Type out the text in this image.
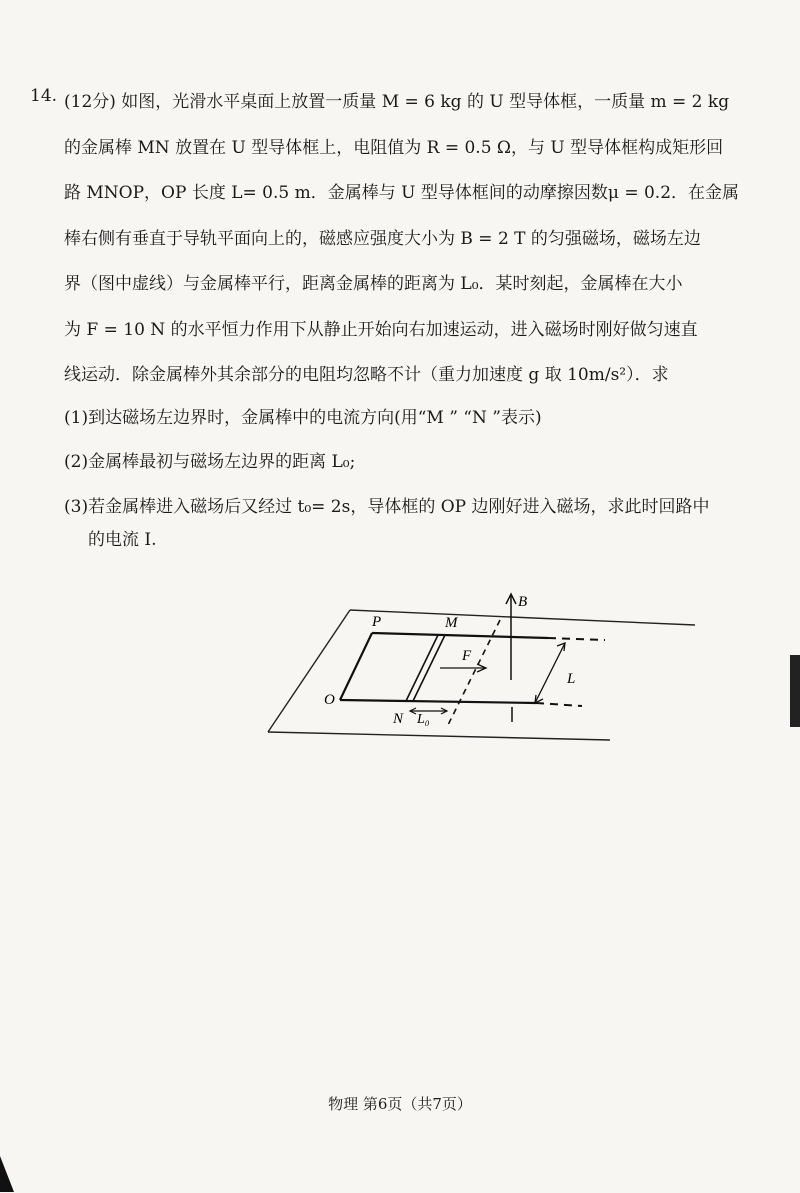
14. (12分) 如图，光滑水平桌面上放置一质量 M = 6 kg 的 U 型导体框，一质量 m = 2 kg
的金属棒 MN 放置在 U 型导体框上，电阻值为 R = 0.5 Ω，与 U 型导体框构成矩形回
路 MNOP，OP 长度 L= 0.5 m．金属棒与 U 型导体框间的动摩擦因数μ = 0.2．在金属
棒右侧有垂直于导轨平面向上的，磁感应强度大小为 B = 2 T 的匀强磁场，磁场左边
界（图中虚线）与金属棒平行，距离金属棒的距离为 L₀．某时刻起，金属棒在大小
为 F = 10 N 的水平恒力作用下从静止开始向右加速运动，进入磁场时刚好做匀速直
线运动．除金属棒外其余部分的电阻均忽略不计（重力加速度 g 取 10m/s²）．求
(1)到达磁场左边界时，金属棒中的电流方向(用“M ” “N ”表示)
(2)金属棒最初与磁场左边界的距离 L₀;
(3)若金属棒进入磁场后又经过 t₀= 2s，导体框的 OP 边刚好进入磁场，求此时回路中
的电流 I.
B
P	M
F
L
O
N L₀
物理 第6页（共7页）
